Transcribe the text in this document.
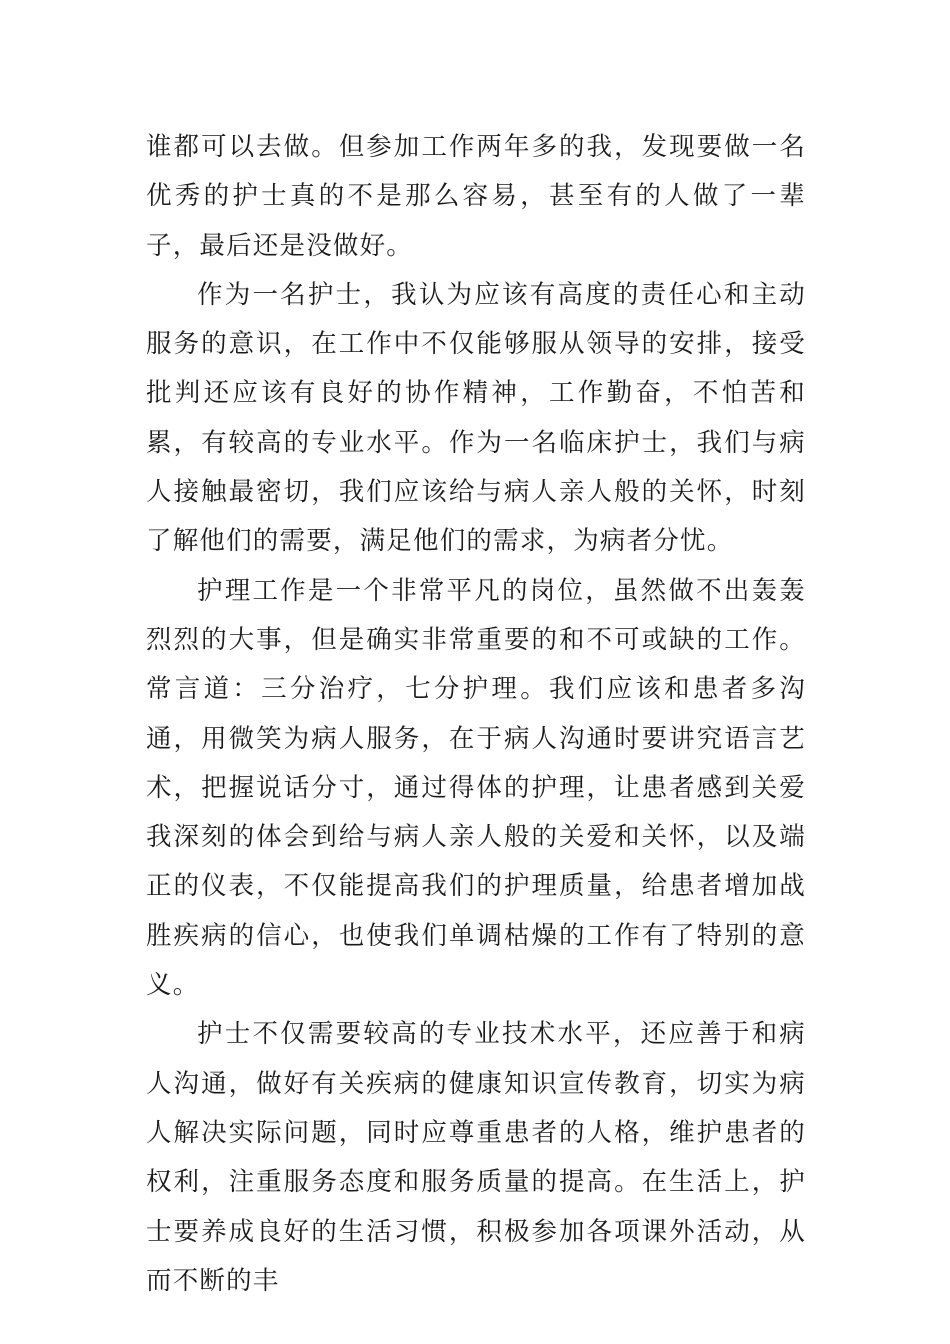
谁都可以去做。但参加工作两年多的我，发现要做一名优秀的护士真的不是那么容易，甚至有的人做了一辈子，最后还是没做好。

作为一名护士，我认为应该有高度的责任心和主动服务的意识，在工作中不仅能够服从领导的安排，接受批判还应该有良好的协作精神，工作勤奋，不怕苦和累，有较高的专业水平。作为一名临床护士，我们与病人接触最密切，我们应该给与病人亲人般的关怀，时刻了解他们的需要，满足他们的需求，为病者分忧。

护理工作是一个非常平凡的岗位，虽然做不出轰轰烈烈的大事，但是确实非常重要的和不可或缺的工作。常言道：三分治疗，七分护理。我们应该和患者多沟通，用微笑为病人服务，在于病人沟通时要讲究语言艺术，把握说话分寸，通过得体的护理，让患者感到关爱我深刻的体会到给与病人亲人般的关爱和关怀，以及端正的仪表，不仅能提高我们的护理质量，给患者增加战胜疾病的信心，也使我们单调枯燥的工作有了特别的意义。

护士不仅需要较高的专业技术水平，还应善于和病人沟通，做好有关疾病的健康知识宣传教育，切实为病人解决实际问题，同时应尊重患者的人格，维护患者的权利，注重服务态度和服务质量的提高。在生活上，护士要养成良好的生活习惯，积极参加各项课外活动，从而不断的丰
